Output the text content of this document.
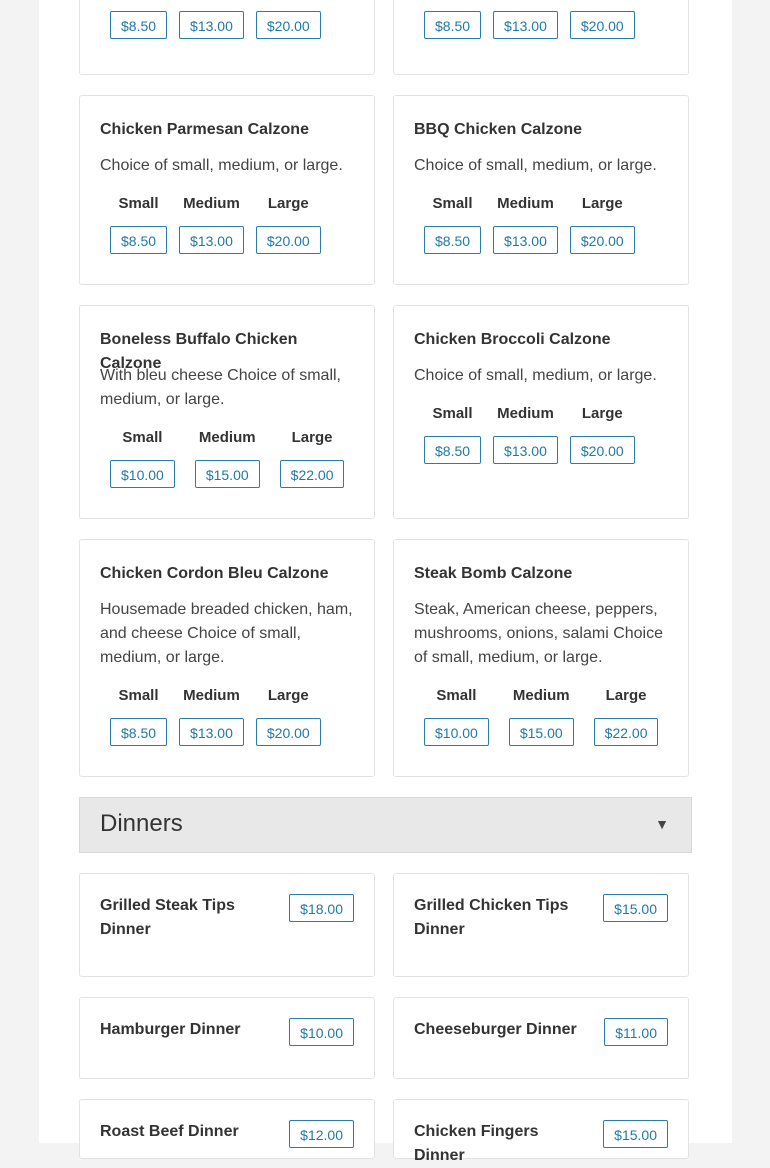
$8.50	$13.00	$20.00	$8.50	$13.00	$20.00
Chicken Parmesan Calzone
Choice of small, medium, or large.
Small
$8.50
Medium
$13.00
Large
$20.00
BBQ Chicken Calzone
Choice of small, medium, or large.
Small
$8.50
Medium
$13.00
Large
$20.00
Boneless Buffalo Chicken Calzone
With bleu cheese Choice of small, medium, or large.
Small
$10.00
Medium
$15.00
Large
$22.00
Chicken Broccoli Calzone
Choice of small, medium, or large.
Small
$8.50
Medium
$13.00
Large
$20.00
Chicken Cordon Bleu Calzone
Housemade breaded chicken, ham, and cheese Choice of small, medium, or large.
Small
$8.50
Medium
$13.00
Large
$20.00
Steak Bomb Calzone
Steak, American cheese, peppers, mushrooms, onions, salami Choice of small, medium, or large.
Small
$10.00
Medium
$15.00
Large
$22.00
Dinners	▼
Grilled Steak Tips Dinner
$18.00	Grilled Chicken Tips Dinner
$15.00
Hamburger Dinner	$10.00	Cheeseburger Dinner	$11.00
Roast Beef Dinner	$12.00	Chicken Fingers Dinner
$15.00
